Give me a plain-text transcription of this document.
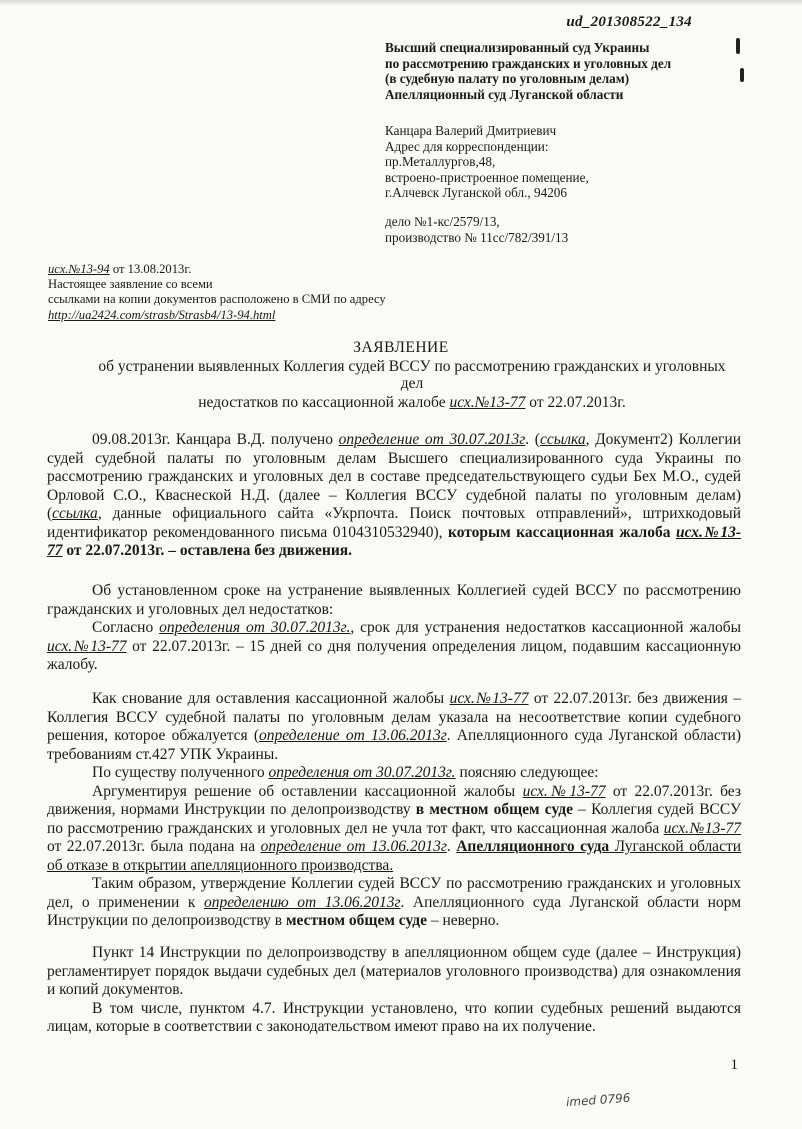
ud_201308522_134
Высший специализированный суд Украины
по рассмотрению гражданских и уголовных дел
(в судебную палату по уголовным делам)
Апелляционный суд Луганской области
Канцара Валерий Дмитриевич
Адрес для корреспонденции:
пр.Металлургов,48,
встроено-пристроенное помещение,
г.Алчевск Луганской обл., 94206
дело №1-кс/2579/13,
производство № 11сс/782/391/13
исх.№13-94 от 13.08.2013г.
Настоящее заявление со всеми
ссылками на копии документов расположено в СМИ по адресу
http://ua2424.com/strasb/Strasb4/13-94.html
ЗАЯВЛЕНИЕ
об устранении выявленных Коллегия судей ВССУ по рассмотрению гражданских и уголовных
дел
недостатков по кассационной жалобе исх.№13-77 от 22.07.2013г.

09.08.2013г. Канцара В.Д. получено определение от 30.07.2013г. (ссылка, Документ2) Коллегии судей судебной палаты по уголовным делам Высшего специализированного суда Украины по рассмотрению гражданских и уголовных дел в составе председательствующего судьи Бех М.О., судей Орловой С.О., Кваснеской Н.Д. (далее – Коллегия ВССУ судебной палаты по уголовным делам) (ссылка, данные официального сайта «Укрпочта. Поиск почтовых отправлений», штрихкодовый идентификатор рекомендованного письма 0104310532940), которым кассационная жалоба исх.№13-77 от 22.07.2013г. – оставлена без движения.

Об установленном сроке на устранение выявленных Коллегией судей ВССУ по рассмотрению гражданских и уголовных дел недостатков:

Согласно определения от 30.07.2013г., срок для устранения недостатков кассационной жалобы исх.№13-77 от 22.07.2013г. – 15 дней со дня получения определения лицом, подавшим кассационную жалобу.

Как снование для оставления кассационной жалобы исх.№13-77 от 22.07.2013г. без движения – Коллегия ВССУ судебной палаты по уголовным делам указала на несоответствие копии судебного решения, которое обжалуется (определение от 13.06.2013г. Апелляционного суда Луганской области) требованиям ст.427 УПК Украины.

По существу полученного определения от 30.07.2013г. поясняю следующее:

Аргументируя решение об оставлении кассационной жалобы исх.№13-77 от 22.07.2013г. без движения, нормами Инструкции по делопроизводству в местном общем суде – Коллегия судей ВССУ по рассмотрению гражданских и уголовных дел не учла тот факт, что кассационная жалоба исх.№13-77 от 22.07.2013г. была подана на определение от 13.06.2013г. Апелляционного суда Луганской области об отказе в открытии апелляционного производства.

Таким образом, утверждение Коллегии судей ВССУ по рассмотрению гражданских и уголовных дел, о применении к определению от 13.06.2013г. Апелляционного суда Луганской области норм Инструкции по делопроизводству в местном общем суде – неверно.

Пункт 14 Инструкции по делопроизводству в апелляционном общем суде (далее – Инструкция) регламентирует порядок выдачи судебных дел (материалов уголовного производства) для ознакомления и копий документов.

В том числе, пунктом 4.7. Инструкции установлено, что копии судебных решений выдаются лицам, которые в соответствии с законодательством имеют право на их получение.

1
imed 0796
